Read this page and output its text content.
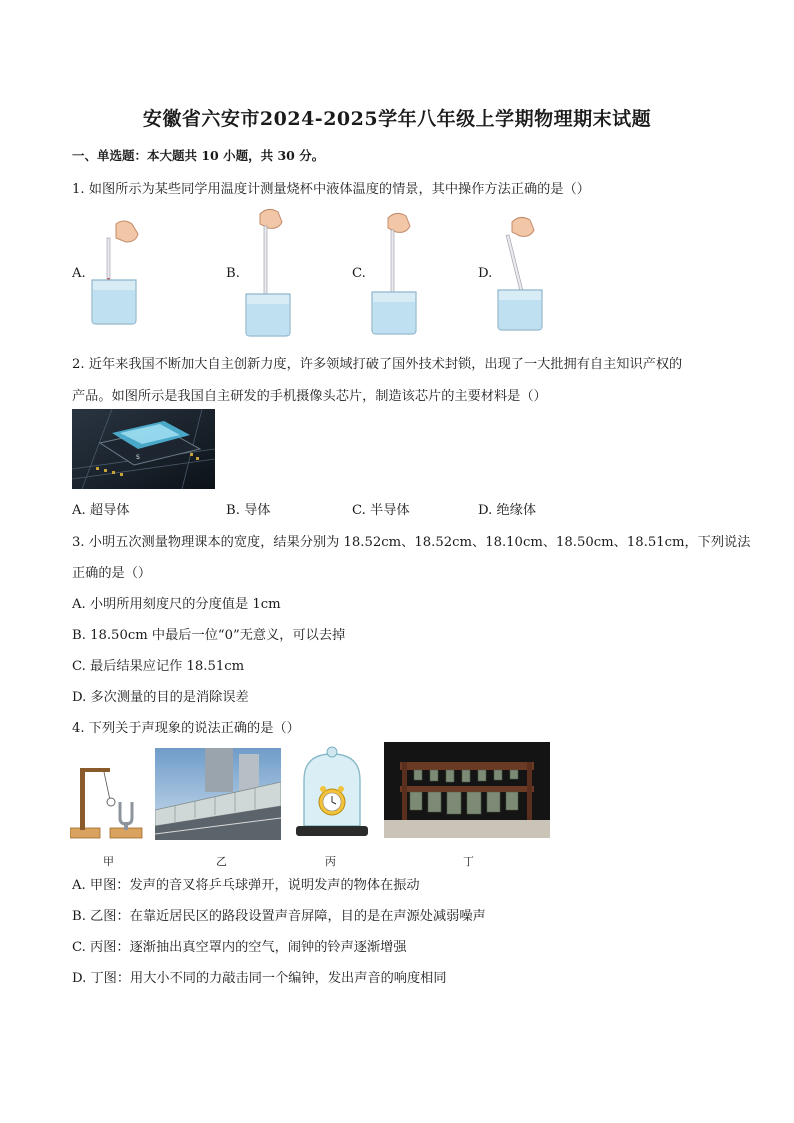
安徽省六安市2024-2025学年八年级上学期物理期末试题
一、单选题：本大题共 10 小题，共 30 分。
1. 如图所示为某些同学用温度计测量烧杯中液体温度的情景，其中操作方法正确的是（）
A.	B.	C.	D.
2. 近年来我国不断加大自主创新力度，许多领域打破了国外技术封锁，出现了一大批拥有自主知识产权的
产品。如图所示是我国自主研发的手机摄像头芯片，制造该芯片的主要材料是（）
S
A. 超导体	B. 导体	C. 半导体	D. 绝缘体
3. 小明五次测量物理课本的宽度，结果分别为 18.52cm、18.52cm、18.10cm、18.50cm、18.51cm，下列说法
正确的是（）
A. 小明所用刻度尺的分度值是 1cm
B. 18.50cm 中最后一位“0”无意义，可以去掉
C. 最后结果应记作 18.51cm
D. 多次测量的目的是消除误差
4. 下列关于声现象的说法正确的是（）
甲	乙	丙	丁
A. 甲图：发声的音叉将乒乓球弹开，说明发声的物体在振动
B. 乙图：在靠近居民区的路段设置声音屏障，目的是在声源处减弱噪声
C. 丙图：逐渐抽出真空罩内的空气，闹钟的铃声逐渐增强
D. 丁图：用大小不同的力敲击同一个编钟，发出声音的响度相同
